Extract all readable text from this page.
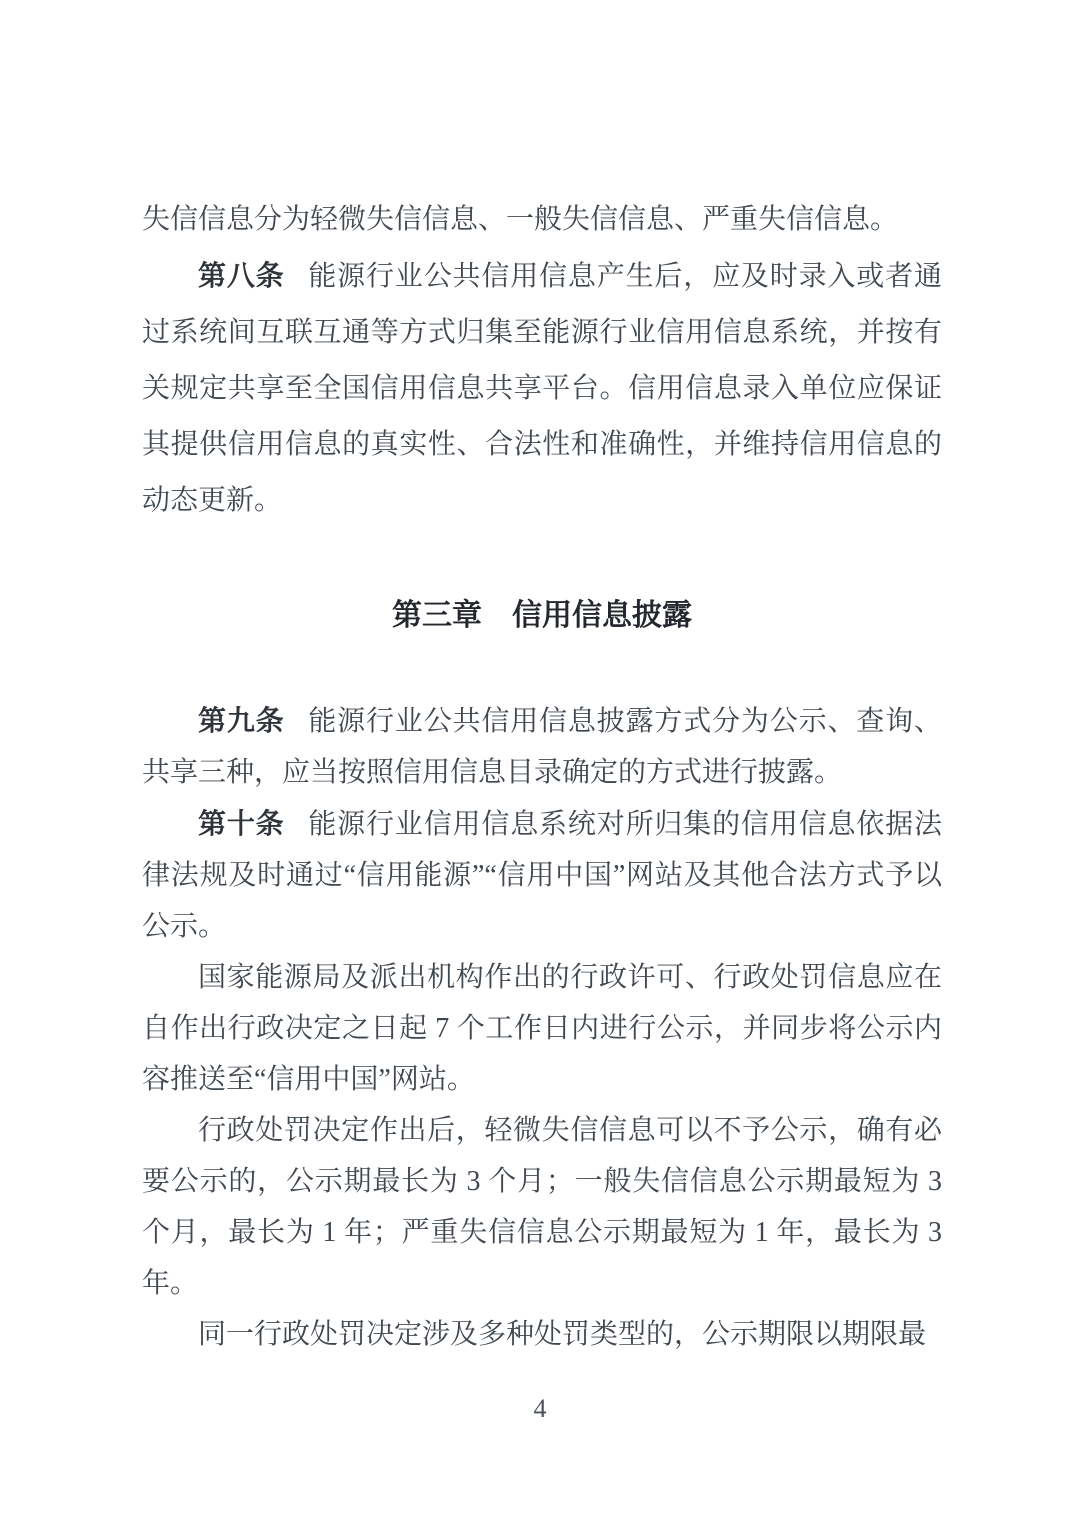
失信信息分为轻微失信信息、一般失信信息、严重失信信息。

第八条 能源行业公共信用信息产生后，应及时录入或者通过系统间互联互通等方式归集至能源行业信用信息系统，并按有关规定共享至全国信用信息共享平台。信用信息录入单位应保证其提供信用信息的真实性、合法性和准确性，并维持信用信息的动态更新。

第三章　信用信息披露

第九条 能源行业公共信用信息披露方式分为公示、查询、共享三种，应当按照信用信息目录确定的方式进行披露。

第十条 能源行业信用信息系统对所归集的信用信息依据法律法规及时通过“信用能源”“信用中国”网站及其他合法方式予以公示。

国家能源局及派出机构作出的行政许可、行政处罚信息应在自作出行政决定之日起 7 个工作日内进行公示，并同步将公示内容推送至“信用中国”网站。

行政处罚决定作出后，轻微失信信息可以不予公示，确有必要公示的，公示期最长为 3 个月；一般失信信息公示期最短为 3 个月，最长为 1 年；严重失信信息公示期最短为 1 年，最长为 3 年。

同一行政处罚决定涉及多种处罚类型的，公示期限以期限最

4
